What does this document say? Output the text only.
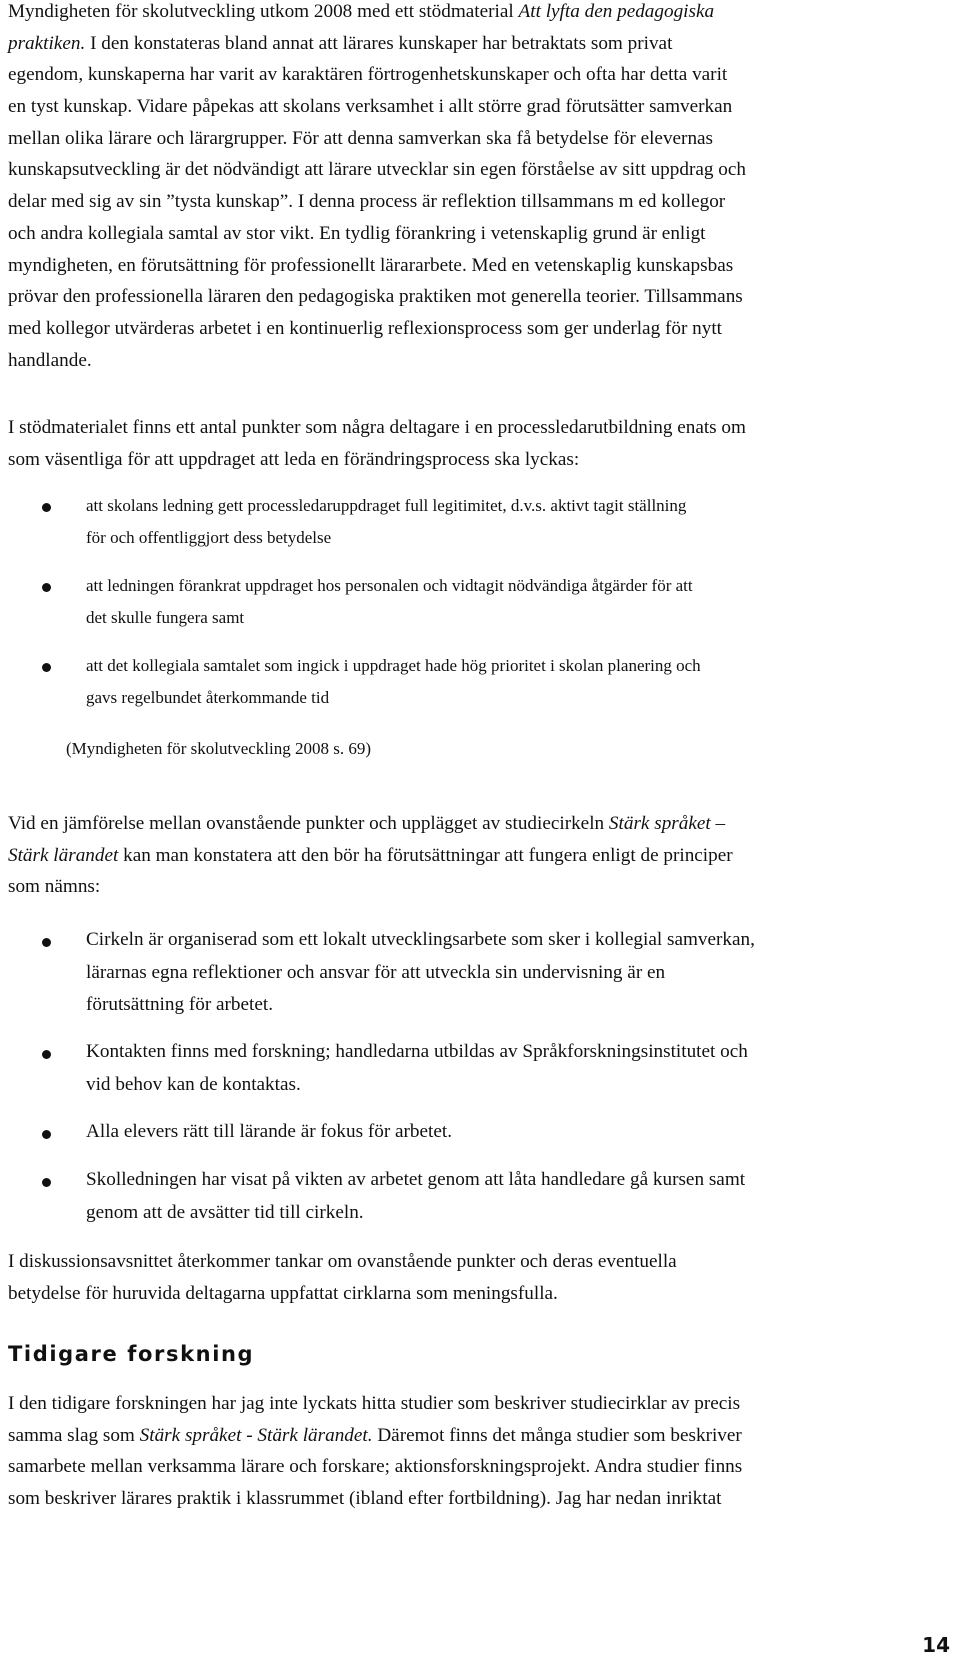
Myndigheten för skolutveckling utkom 2008 med ett stödmaterial Att lyfta den pedagogiska
praktiken. I den konstateras bland annat att lärares kunskaper har betraktats som privat
egendom, kunskaperna har varit av karaktären förtrogenhetskunskaper och ofta har detta varit
en tyst kunskap. Vidare påpekas att skolans verksamhet i allt större grad förutsätter samverkan
mellan olika lärare och lärargrupper. För att denna samverkan ska få betydelse för elevernas
kunskapsutveckling är det nödvändigt att lärare utvecklar sin egen förståelse av sitt uppdrag och
delar med sig av sin ”tysta kunskap”. I denna process är reflektion tillsammans m ed kollegor
och andra kollegiala samtal av stor vikt. En tydlig förankring i vetenskaplig grund är enligt
myndigheten, en förutsättning för professionellt lärararbete. Med en vetenskaplig kunskapsbas
prövar den professionella läraren den pedagogiska praktiken mot generella teorier. Tillsammans
med kollegor utvärderas arbetet i en kontinuerlig reflexionsprocess som ger underlag för nytt
handlande.
I stödmaterialet finns ett antal punkter som några deltagare i en processledarutbildning enats om
som väsentliga för att uppdraget att leda en förändringsprocess ska lyckas:
att skolans ledning gett processledaruppdraget full legitimitet, d.v.s. aktivt tagit ställning
för och offentliggjort dess betydelse
att ledningen förankrat uppdraget hos personalen och vidtagit nödvändiga åtgärder för att
det skulle fungera samt
att det kollegiala samtalet som ingick i uppdraget hade hög prioritet i skolan planering och
gavs regelbundet återkommande tid
(Myndigheten för skolutveckling 2008 s. 69)
Vid en jämförelse mellan ovanstående punkter och upplägget av studiecirkeln Stärk språket –
Stärk lärandet kan man konstatera att den bör ha förutsättningar att fungera enligt de principer
som nämns:
Cirkeln är organiserad som ett lokalt utvecklingsarbete som sker i kollegial samverkan,
lärarnas egna reflektioner och ansvar för att utveckla sin undervisning är en
förutsättning för arbetet.
Kontakten finns med forskning; handledarna utbildas av Språkforskningsinstitutet och
vid behov kan de kontaktas.
Alla elevers rätt till lärande är fokus för arbetet.
Skolledningen har visat på vikten av arbetet genom att låta handledare gå kursen samt
genom att de avsätter tid till cirkeln.
I diskussionsavsnittet återkommer tankar om ovanstående punkter och deras eventuella
betydelse för huruvida deltagarna uppfattat cirklarna som meningsfulla.
Tidigare forskning
I den tidigare forskningen har jag inte lyckats hitta studier som beskriver studiecirklar av precis
samma slag som Stärk språket - Stärk lärandet. Däremot finns det många studier som beskriver
samarbete mellan verksamma lärare och forskare; aktionsforskningsprojekt. Andra studier finns
som beskriver lärares praktik i klassrummet (ibland efter fortbildning). Jag har nedan inriktat
14
